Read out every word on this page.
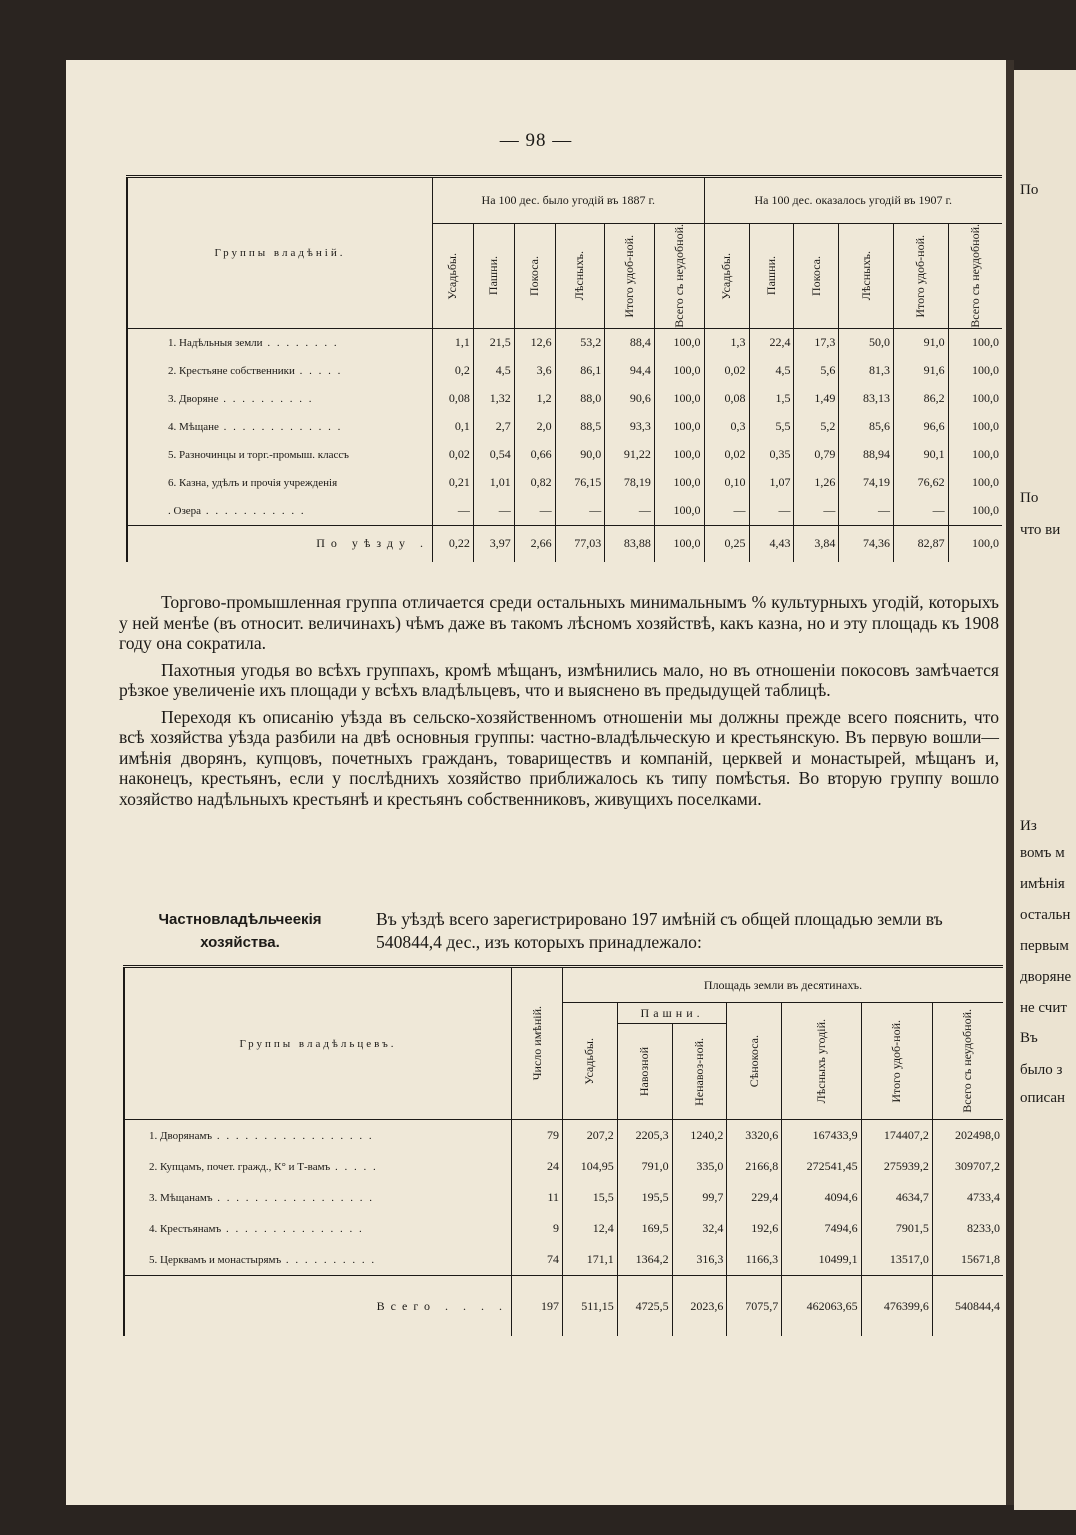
— 98 —
Группы владѣній.	На 100 дес. было угодій въ 1887 г.						На 100 дес. оказалось угодій въ 1907 г.					

	Усадьбы.	Пашни.	Покоса.	Лѣсныхъ.	Итого удоб-ной.	Всего съ неудобной.	Усадьбы.	Пашни.	Покоса.	Лѣсныхъ.	Итого удоб-ной.	Всего съ неудобной.

1. Надѣльныя земли . . . . . . . .	1,1	21,5	12,6	53,2	88,4	100,0	1,3	22,4	17,3	50,0	91,0	100,0
2. Крестьяне собственники . . . . .	0,2	4,5	3,6	86,1	94,4	100,0	0,02	4,5	5,6	81,3	91,6	100,0
3. Дворяне . . . . . . . . . .	0,08	1,32	1,2	88,0	90,6	100,0	0,08	1,5	1,49	83,13	86,2	100,0
4. Мѣщане . . . . . . . . . . . . .	0,1	2,7	2,0	88,5	93,3	100,0	0,3	5,5	5,2	85,6	96,6	100,0
5. Разночинцы и торг.-промыш. классъ	0,02	0,54	0,66	90,0	91,22	100,0	0,02	0,35	0,79	88,94	90,1	100,0
6. Казна, удѣлъ и прочія учрежденія	0,21	1,01	0,82	76,15	78,19	100,0	0,10	1,07	1,26	74,19	76,62	100,0
. Озера . . . . . . . . . . .	—	—	—	—	—	100,0	—	—	—	—	—	100,0
По уѣзду .	0,22	3,97	2,66	77,03	83,88	100,0	0,25	4,43	3,84	74,36	82,87	100,0

Торгово-промышленная группа отличается среди остальныхъ минимальнымъ % культурныхъ угодій, которыхъ у ней менѣе (въ относит. величинахъ) чѣмъ даже въ такомъ лѣсномъ хозяйствѣ, какъ казна, но и эту площадь къ 1908 году она сократила.

Пахотныя угодья во всѣхъ группахъ, кромѣ мѣщанъ, измѣнились мало, но въ отношеніи покосовъ замѣчается рѣзкое увеличеніе ихъ площади у всѣхъ владѣльцевъ, что и выяснено въ предыдущей таблицѣ.

Переходя къ описанію уѣзда въ сельско-хозяйственномъ отношеніи мы должны прежде всего пояснить, что всѣ хозяйства уѣзда разбили на двѣ основныя группы: частно-владѣльческую и крестьянскую. Въ первую вошли—имѣнія дворянъ, купцовъ, почетныхъ гражданъ, товариществъ и компаній, церквей и монастырей, мѣщанъ и, наконецъ, крестьянъ, если у послѣднихъ хозяйство приближалось къ типу помѣстья. Во вторую группу вошло хозяйство надѣльныхъ крестьянѣ и крестьянъ собственниковъ, живущихъ поселками.

Частновладѣльчеекія хозяйства.
Въ уѣздѣ всего зарегистрировано 197 имѣній съ общей площадью земли въ 540844,4 дес., изъ которыхъ принадлежало:
Группы владѣльцевъ.	Число имѣній.	Площадь земли въ десятинахъ.						

		Усадьбы.	Пашни.		Сѣнокоса.	Лѣсныхъ угодій.	Итого удоб-ной.	Всего съ неудобной.

			Навозной	Ненавоз-ной.				

1. Дворянамъ . . . . . . . . . . . . . . . . .	79	207,2	2205,3	1240,2	3320,6	167433,9	174407,2	202498,0
2. Купцамъ, почет. гражд., К° и Т-вамъ . . . . .	24	104,95	791,0	335,0	2166,8	272541,45	275939,2	309707,2
3. Мѣщанамъ . . . . . . . . . . . . . . . . .	11	15,5	195,5	99,7	229,4	4094,6	4634,7	4733,4
4. Крестьянамъ . . . . . . . . . . . . . . .	9	12,4	169,5	32,4	192,6	7494,6	7901,5	8233,0
5. Церквамъ и монастырямъ . . . . . . . . . .	74	171,1	1364,2	316,3	1166,3	10499,1	13517,0	15671,8
Всего . . . .	197	511,15	4725,5	2023,6	7075,7	462063,65	476399,6	540844,4
По
По
что ви
Из
вомъ м
имѣнія
остальн
первым
дворяне
не счит
Въ
было з
описан
